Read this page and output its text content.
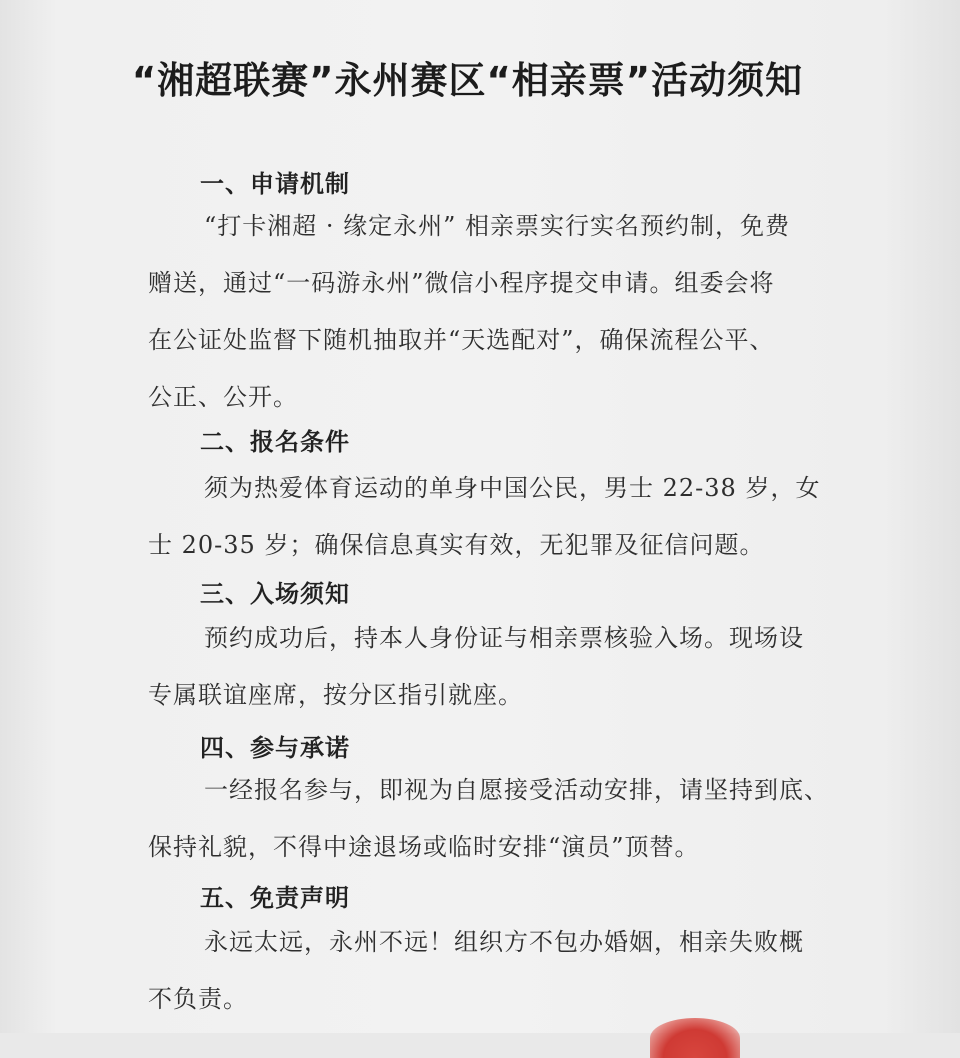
“湘超联赛”永州赛区“相亲票”活动须知
一、申请机制
“打卡湘超 · 缘定永州” 相亲票实行实名预约制，免费
赠送，通过“一码游永州”微信小程序提交申请。组委会将
在公证处监督下随机抽取并“天选配对”，确保流程公平、
公正、公开。
二、报名条件
须为热爱体育运动的单身中国公民，男士 22-38 岁，女
士 20-35 岁；确保信息真实有效，无犯罪及征信问题。
三、入场须知
预约成功后，持本人身份证与相亲票核验入场。现场设
专属联谊座席，按分区指引就座。
四、参与承诺
一经报名参与，即视为自愿接受活动安排，请坚持到底、
保持礼貌，不得中途退场或临时安排“演员”顶替。
五、免责声明
永远太远，永州不远！组织方不包办婚姻，相亲失败概
不负责。
